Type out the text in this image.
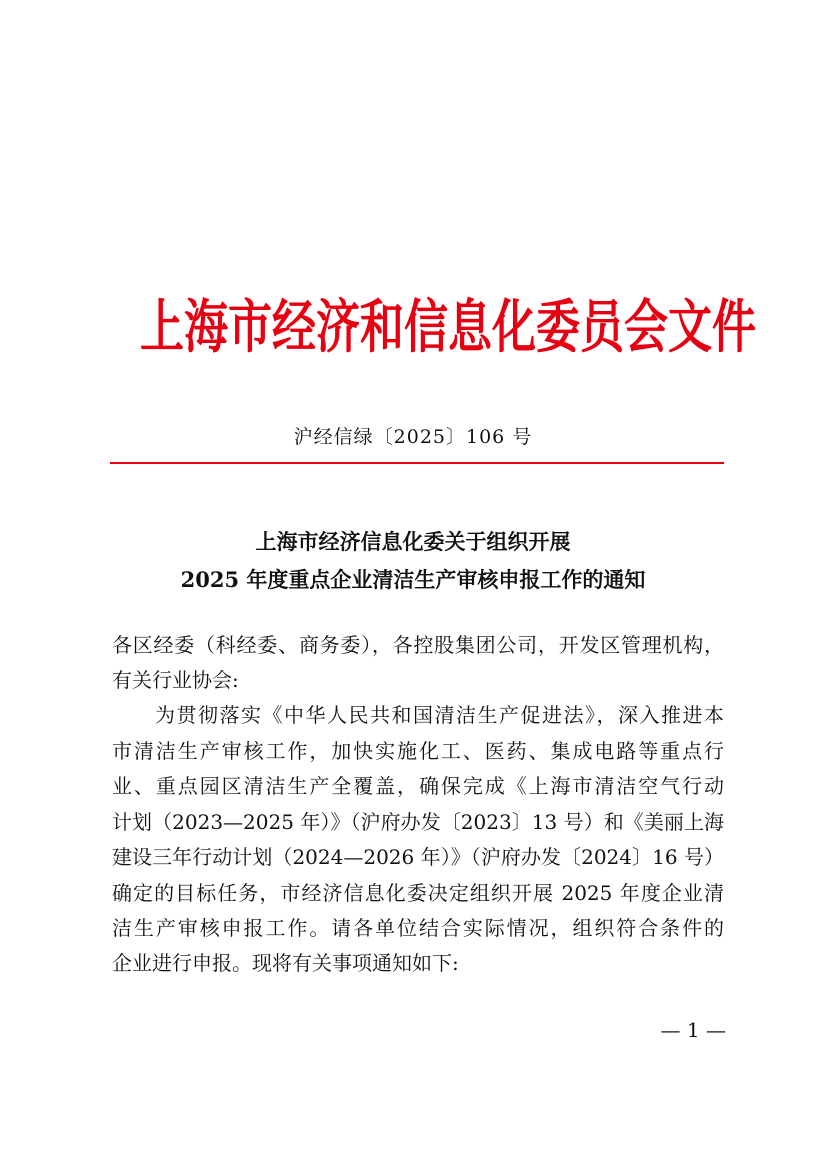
上海市经济和信息化委员会文件
沪经信绿〔2025〕106 号
上海市经济信息化委关于组织开展
2025 年度重点企业清洁生产审核申报工作的通知
各区经委（科经委、商务委），各控股集团公司，开发区管理机构，
有关行业协会:
为贯彻落实《中华人民共和国清洁生产促进法》，深入推进本
市清洁生产审核工作，加快实施化工、医药、集成电路等重点行
业、重点园区清洁生产全覆盖，确保完成《上海市清洁空气行动
计划（2023—2025 年）》（沪府办发〔2023〕13 号）和《美丽上海
建设三年行动计划（2024—2026 年）》（沪府办发〔2024〕16 号）
确定的目标任务，市经济信息化委决定组织开展 2025 年度企业清
洁生产审核申报工作。请各单位结合实际情况，组织符合条件的
企业进行申报。现将有关事项通知如下:
— 1 —
